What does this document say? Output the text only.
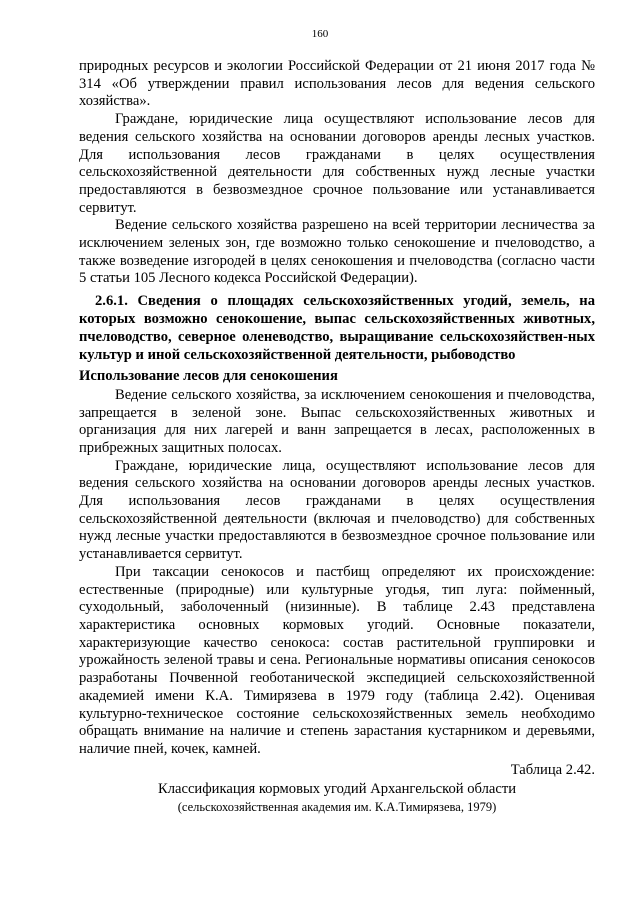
160

природных ресурсов и экологии Российской Федерации от 21 июня 2017 года № 314 «Об утверждении правил использования лесов для ведения сельского хозяйства».

Граждане, юридические лица осуществляют использование лесов для ведения сельского хозяйства на основании договоров аренды лесных участков. Для использования лесов гражданами в целях осуществления сельскохозяйственной деятельности для собственных нужд лесные участки предоставляются в безвозмездное срочное пользование или устанавливается сервитут.

Ведение сельского хозяйства разрешено на всей территории лесничества за исключением зеленых зон, где возможно только сенокошение и пчеловодство, а также возведение изгородей в целях сенокошения и пчеловодства (согласно части 5 статьи 105 Лесного кодекса Российской Федерации).

2.6.1. Сведения о площадях сельскохозяйственных угодий, земель, на которых возможно сенокошение, выпас сельскохозяйственных животных, пчеловодство, северное оленеводство, выращивание сельскохозяйствен-ных культур и иной сельскохозяйственной деятельности, рыбоводство

Использование лесов для сенокошения

Ведение сельского хозяйства, за исключением сенокошения и пчеловодства, запрещается в зеленой зоне. Выпас сельскохозяйственных животных и организация для них лагерей и ванн запрещается в лесах, расположенных в прибрежных защитных полосах.

Граждане, юридические лица, осуществляют использование лесов для ведения сельского хозяйства на основании договоров аренды лесных участков. Для использования лесов гражданами в целях осуществления сельскохозяйственной деятельности (включая и пчеловодство) для собственных нужд лесные участки предоставляются в безвозмездное срочное пользование или устанавливается сервитут.

При таксации сенокосов и пастбищ определяют их происхождение: естественные (природные) или культурные угодья, тип луга: пойменный, суходольный, заболоченный (низинные). В таблице 2.43 представлена характеристика основных кормовых угодий. Основные показатели, характеризующие качество сенокоса: состав растительной группировки и урожайность зеленой травы и сена. Региональные нормативы описания сенокосов разработаны Почвенной геоботанической экспедицией сельскохозяйственной академией имени К.А. Тимирязева в 1979 году (таблица 2.42). Оценивая культурно-техническое состояние сельскохозяйственных земель необходимо обращать внимание на наличие и степень зарастания кустарником и деревьями, наличие пней, кочек, камней.

Таблица 2.42.

Классификация кормовых угодий Архангельской области

(сельскохозяйственная академия им. К.А.Тимирязева, 1979)
